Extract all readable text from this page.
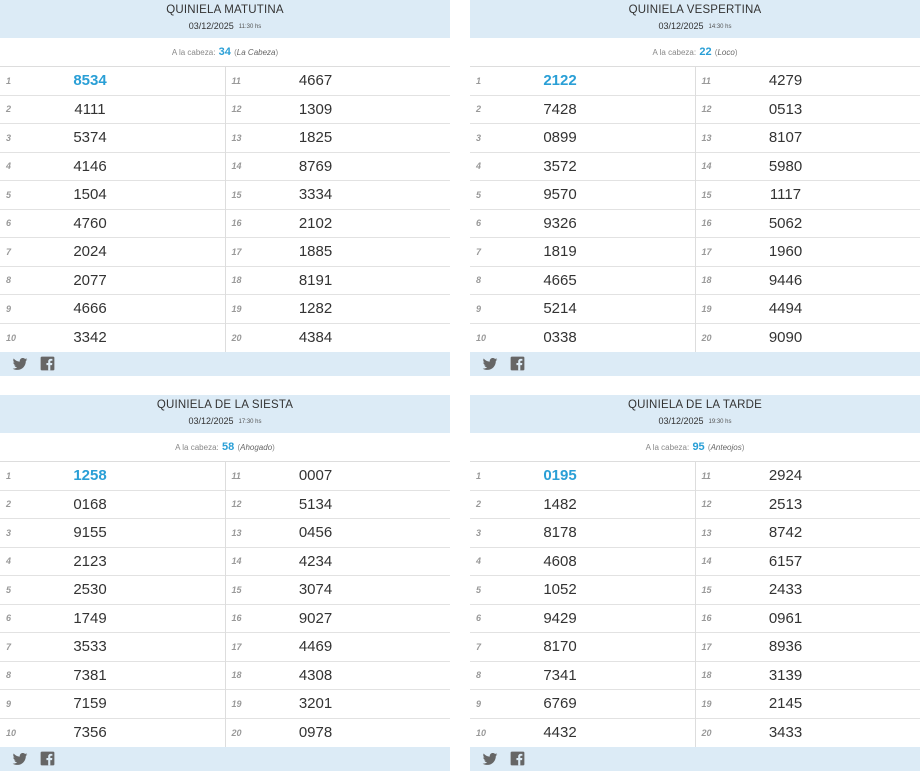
QUINIELA MATUTINA
03/12/2025 11:30 hs
A la cabeza: 34 (La Cabeza)
1	8534
2	4111
3	5374
4	4146
5	1504
6	4760
7	2024
8	2077
9	4666
10	3342
11	4667
12	1309
13	1825
14	8769
15	3334
16	2102
17	1885
18	8191
19	1282
20	4384
QUINIELA VESPERTINA
03/12/2025 14:30 hs
A la cabeza: 22 (Loco)
1	2122
2	7428
3	0899
4	3572
5	9570
6	9326
7	1819
8	4665
9	5214
10	0338
11	4279
12	0513
13	8107
14	5980
15	1117
16	5062
17	1960
18	9446
19	4494
20	9090
QUINIELA DE LA SIESTA
03/12/2025 17:30 hs
A la cabeza: 58 (Ahogado)
1	1258
2	0168
3	9155
4	2123
5	2530
6	1749
7	3533
8	7381
9	7159
10	7356
11	0007
12	5134
13	0456
14	4234
15	3074
16	9027
17	4469
18	4308
19	3201
20	0978
QUINIELA DE LA TARDE
03/12/2025 19:30 hs
A la cabeza: 95 (Anteojos)
1	0195
2	1482
3	8178
4	4608
5	1052
6	9429
7	8170
8	7341
9	6769
10	4432
11	2924
12	2513
13	8742
14	6157
15	2433
16	0961
17	8936
18	3139
19	2145
20	3433
